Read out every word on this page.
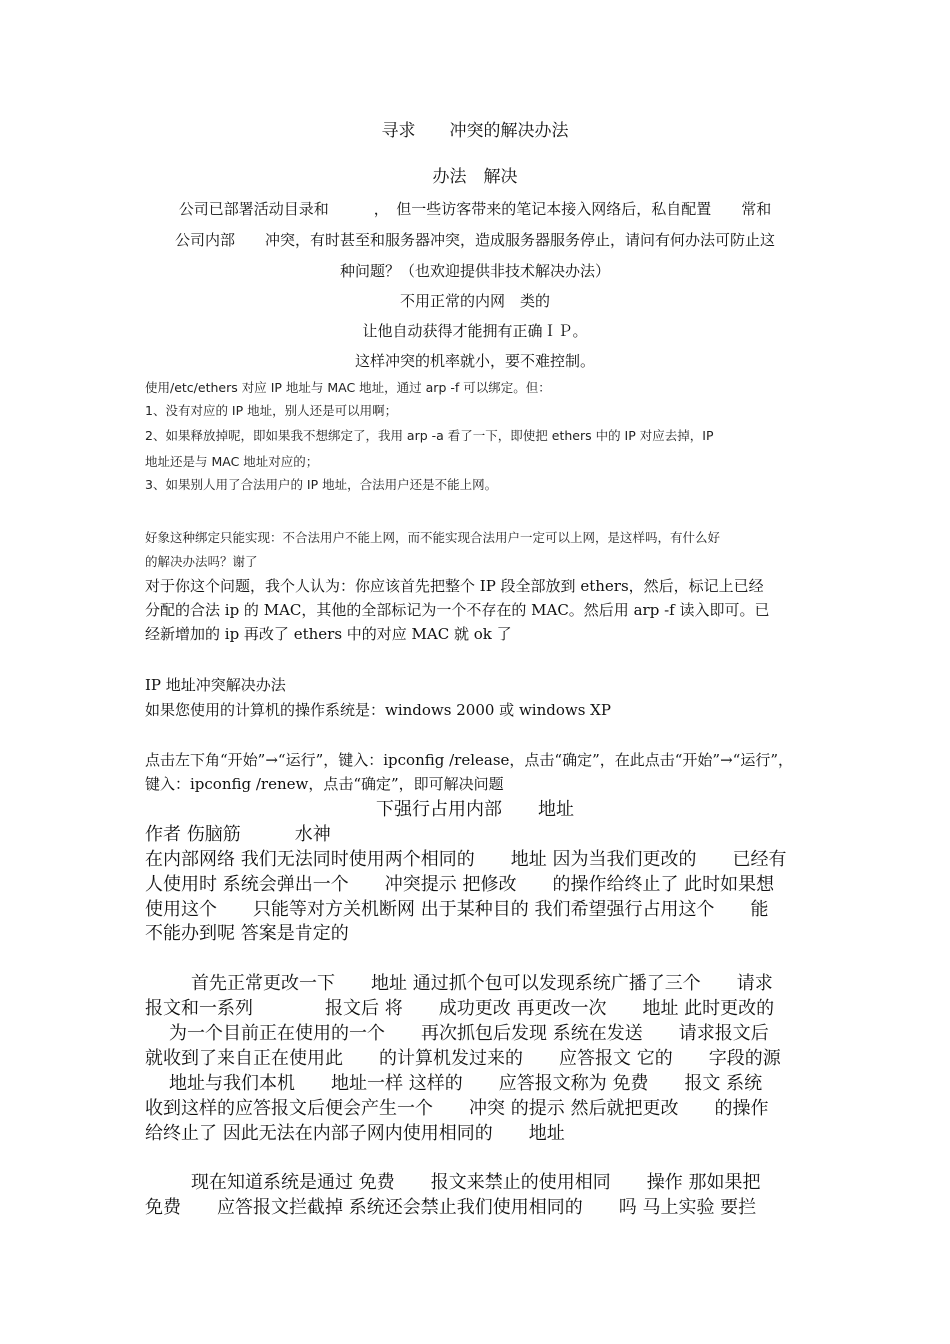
寻求　　冲突的解决办法
办法　解决
公司已部署活动目录和　　　，　但一些访客带来的笔记本接入网络后，私自配置　　常和
公司内部　　冲突，有时甚至和服务器冲突，造成服务器服务停止，请问有何办法可防止这
种问题？（也欢迎提供非技术解决办法）
不用正常的内网　类的
让他自动获得才能拥有正确ＩＰ。
这样冲突的机率就小，要不难控制。
使用/etc/ethers 对应 IP 地址与 MAC 地址，通过 arp -f 可以绑定。但：
1、没有对应的 IP 地址，别人还是可以用啊；
2、如果释放掉呢，即如果我不想绑定了，我用 arp -a 看了一下，即使把 ethers 中的 IP 对应去掉，IP
地址还是与 MAC 地址对应的；
3、如果别人用了合法用户的 IP 地址，合法用户还是不能上网。
好象这种绑定只能实现：不合法用户不能上网，而不能实现合法用户一定可以上网，是这样吗，有什么好
的解决办法吗？谢了
对于你这个问题，我个人认为：你应该首先把整个 IP 段全部放到 ethers，然后，标记上已经
分配的合法 ip 的 MAC，其他的全部标记为一个不存在的 MAC。然后用 arp -f 读入即可。已
经新增加的 ip 再改了 ethers 中的对应 MAC 就 ok 了
IP 地址冲突解决办法
如果您使用的计算机的操作系统是：windows 2000 或 windows XP
点击左下角“开始”→“运行”，键入：ipconfig /release，点击“确定”，在此点击“开始”→“运行”，
键入：ipconfig /renew，点击“确定”，即可解决问题
下强行占用内部　　地址
作者 伤脑筋　　　水神
在内部网络 我们无法同时使用两个相同的　　地址 因为当我们更改的　　已经有
人使用时 系统会弹出一个　　冲突提示 把修改　　的操作给终止了 此时如果想
使用这个　　只能等对方关机断网 出于某种目的 我们希望强行占用这个　　能
不能办到呢 答案是肯定的
首先正常更改一下　　地址 通过抓个包可以发现系统广播了三个　　请求
报文和一系列　　　　报文后 将　　成功更改 再更改一次　　地址 此时更改的
为一个目前正在使用的一个　　再次抓包后发现 系统在发送　　请求报文后
就收到了来自正在使用此　　的计算机发过来的　　应答报文 它的　　字段的源
地址与我们本机　　地址一样 这样的　　应答报文称为 免费　　报文 系统
收到这样的应答报文后便会产生一个　　冲突 的提示 然后就把更改　　的操作
给终止了 因此无法在内部子网内使用相同的　　地址
现在知道系统是通过 免费　　报文来禁止的使用相同　　操作 那如果把
免费　　应答报文拦截掉 系统还会禁止我们使用相同的　　吗 马上实验 要拦
